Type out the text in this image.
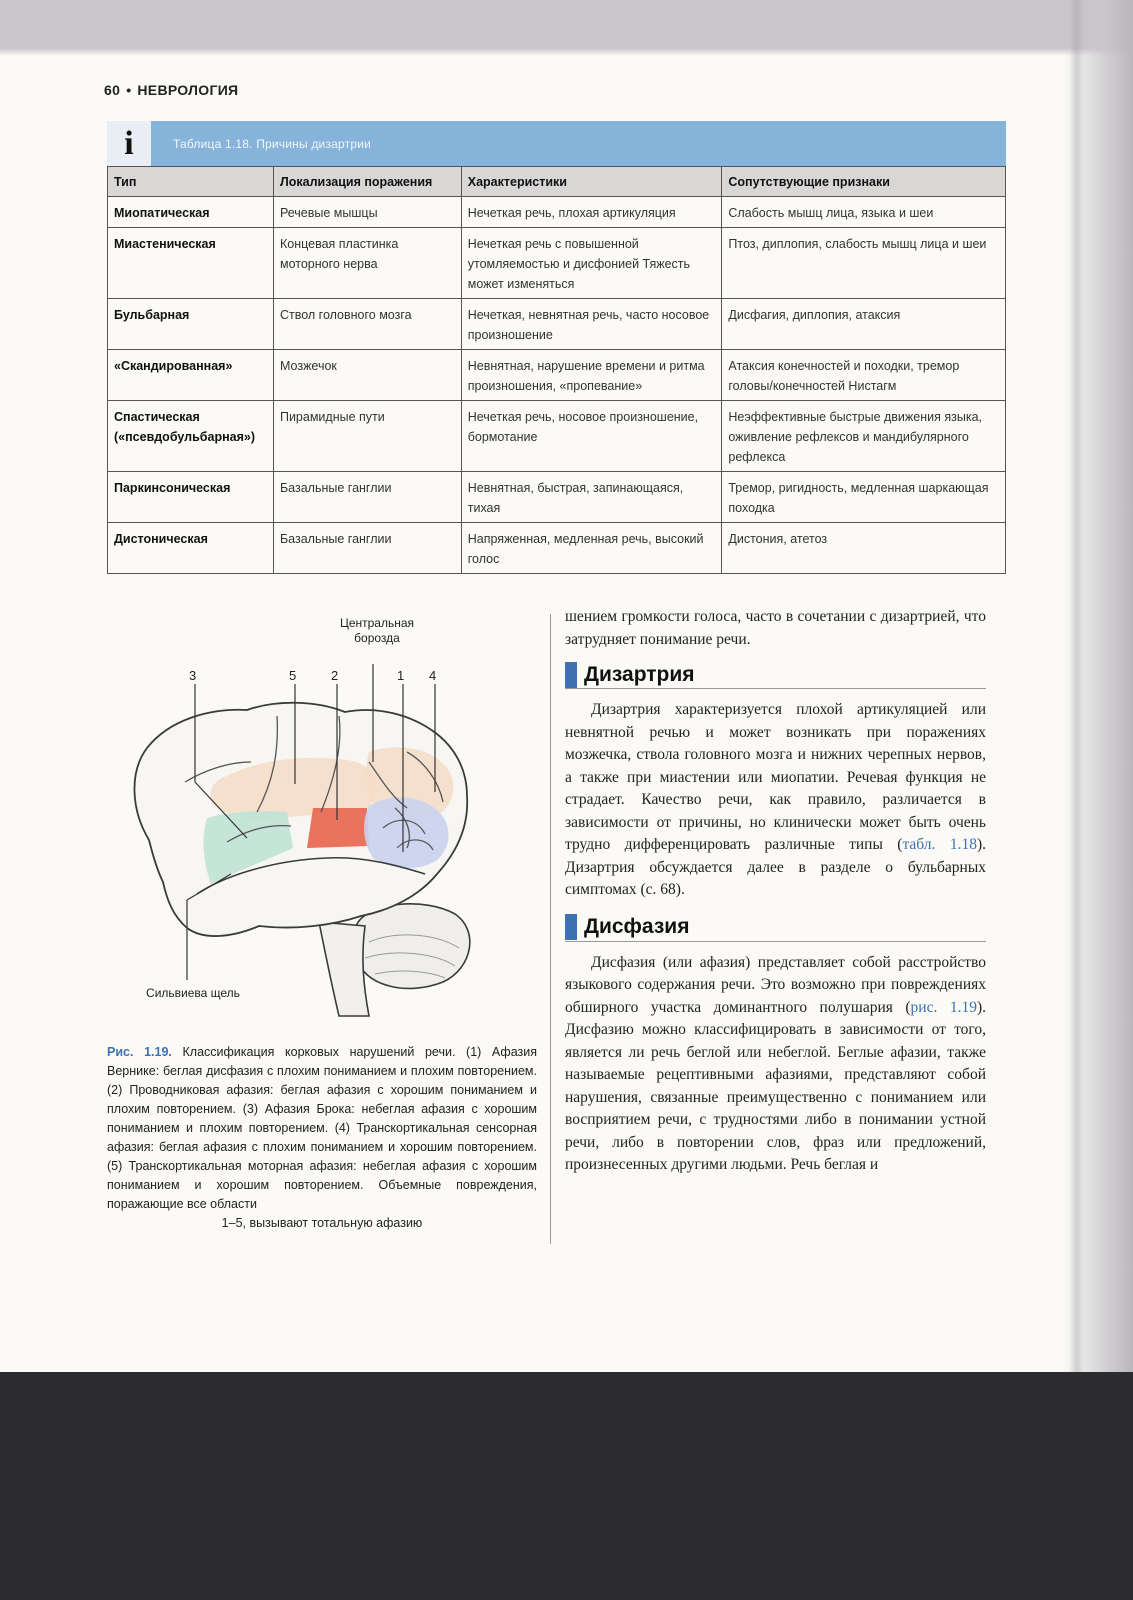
60 • НЕВРОЛОГИЯ
i	Таблица 1.18. Причины дизартрии
Тип	Локализация поражения	Характеристики	Сопутствующие признаки
Миопатическая	Речевые мышцы	Нечеткая речь, плохая артикуляция	Слабость мышц лица, языка и шеи
Миастеническая	Концевая пластинка моторного нерва	Нечеткая речь с повышенной утомляемостью и дисфонией Тяжесть может изменяться	Птоз, диплопия, слабость мышц лица и шеи
Бульбарная	Ствол головного мозга	Нечеткая, невнятная речь, часто носовое произношение	Дисфагия, диплопия, атаксия
«Скандированная»	Мозжечок	Невнятная, нарушение времени и ритма произношения, «пропевание»	Атаксия конечностей и походки, тремор головы/конечностей Нистагм
Спастическая («псевдобульбарная»)	Пирамидные пути	Нечеткая речь, носовое произношение, бормотание	Неэффективные быстрые движения языка, оживление рефлексов и мандибулярного рефлекса
Паркинсоническая	Базальные ганглии	Невнятная, быстрая, запинающаяся, тихая	Тремор, ригидность, медленная шаркающая походка
Дистоническая	Базальные ганглии	Напряженная, медленная речь, высокий голос	Дистония, атетоз
Центральная борозда
3	5	2	1 4
Сильвиева щель
Рис. 1.19. Классификация корковых нарушений речи. (1) Афазия Вернике: беглая дисфазия с плохим пониманием и плохим повторением. (2) Проводниковая афазия: беглая афазия с хорошим пониманием и плохим повторением. (3) Афазия Брока: небеглая афазия с хорошим пониманием и плохим повторением. (4) Транскортикальная сенсорная афазия: беглая афазия с плохим пониманием и хорошим повторением. (5) Транскортикальная моторная афазия: небеглая афазия с хорошим пониманием и хорошим повторением. Объемные повреждения, поражающие все области
1–5, вызывают тотальную афазию

шением громкости голоса, часто в сочетании с дизартрией, что затрудняет понимание речи.

Дизартрия

Дизартрия характеризуется плохой артикуляцией или невнятной речью и может возникать при поражениях мозжечка, ствола головного мозга и нижних черепных нервов, а также при миастении или миопатии. Речевая функция не страдает. Качество речи, как правило, различается в зависимости от причины, но клинически может быть очень трудно дифференцировать различные типы (табл. 1.18). Дизартрия обсуждается далее в разделе о бульбарных симптомах (с. 68).

Дисфазия

Дисфазия (или афазия) представляет собой расстройство языкового содержания речи. Это возможно при повреждениях обширного участка доминантного полушария (рис. 1.19). Дисфазию можно классифицировать в зависимости от того, является ли речь беглой или небеглой. Беглые афазии, также называемые рецептивными афазиями, представляют собой нарушения, связанные преимущественно с пониманием или восприятием речи, с трудностями либо в понимании устной речи, либо в повторении слов, фраз или предложений, произнесенных другими людьми. Речь беглая и
